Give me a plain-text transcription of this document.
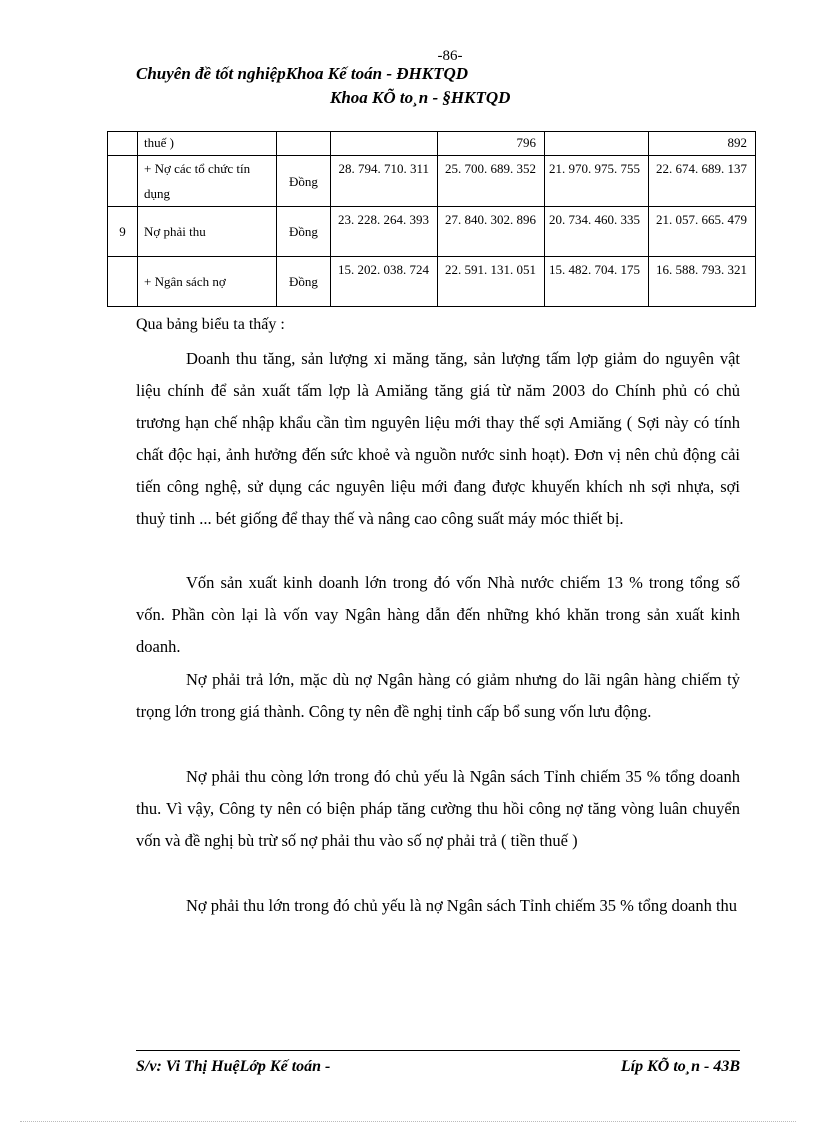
-86-
Chuyên đề tốt nghiệpKhoa Kế toán - ĐHKTQD
Khoa KÕ to¸n - §HKTQD
	thuế )			796		892
	+ Nợ các tổ chức tín dụng	Đồng	28. 794. 710. 311	25. 700. 689. 352	21. 970. 975. 755	22. 674. 689. 137
9	Nợ phải thu	Đồng	23. 228. 264. 393	27. 840. 302. 896	20. 734. 460. 335	21. 057. 665. 479
	+ Ngân sách nợ	Đồng	15. 202. 038. 724	22. 591. 131. 051	15. 482. 704. 175	16. 588. 793. 321
Qua bảng biểu ta thấy :

Doanh thu tăng, sản lượng xi măng tăng, sản lượng tấm lợp giảm do nguyên vật liệu chính để sản xuất tấm lợp là Amiăng tăng giá từ năm 2003 do Chính phủ có chủ trương hạn chế nhập khẩu cần tìm nguyên liệu mới thay thế sợi Amiăng ( Sợi này có tính chất độc hại, ảnh hưởng đến sức khoẻ và nguồn nước sinh hoạt). Đơn vị nên chủ động cải tiến công nghệ, sử dụng các nguyên liệu mới đang được khuyến khích nh sợi nhựa, sợi thuỷ tinh ... bét giống để thay thế và nâng cao công suất máy móc thiết bị.

Vốn sản xuất kinh doanh lớn trong đó vốn Nhà nước chiếm 13 % trong tổng số vốn. Phần còn lại là vốn vay Ngân hàng dẫn đến những khó khăn trong sản xuất kinh doanh.

Nợ phải trả lớn, mặc dù nợ Ngân hàng có giảm nhưng do lãi ngân hàng chiếm tỷ trọng lớn trong giá thành. Công ty nên đề nghị tỉnh cấp bổ sung vốn lưu động.

Nợ phải thu còng lớn trong đó chủ yếu là Ngân sách Tỉnh chiếm 35 % tổng doanh thu. Vì vậy, Công ty nên có biện pháp tăng cường thu hồi công nợ tăng vòng luân chuyển vốn và đề nghị bù trừ số nợ phải thu vào số nợ phải trả ( tiền thuế )

Nợ phải thu lớn trong đó chủ yếu là nợ Ngân sách Tỉnh chiếm 35 % tổng doanh thu

S/v: Vi Thị HuệLớp Kế toán -	Líp KÕ to¸n - 43B
